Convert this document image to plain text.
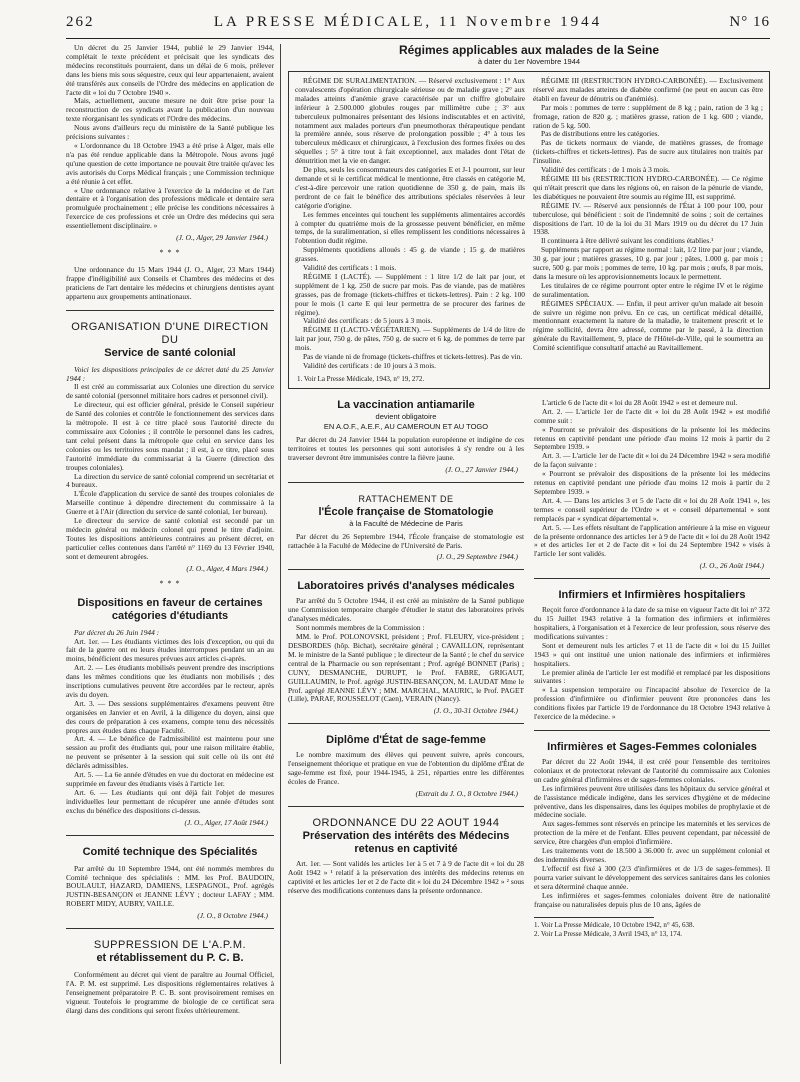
262	LA PRESSE MÉDICALE, 11 Novembre 1944	N° 16

Un décret du 25 Janvier 1944, publié le 29 Janvier 1944, complétait le texte précédent et précisait que les syndicats des médecins reconstitués pourraient, dans un délai de 6 mois, prélever dans les biens mis sous séquestre, ceux qui leur appartenaient, avaient été transférés aux conseils de l'Ordre des médecins en application de l'acte dit « loi du 7 Octobre 1940 ».

Mais, actuellement, aucune mesure ne doit être prise pour la reconstruction de ces syndicats avant la publication d'un nouveau texte réorganisant les syndicats et l'Ordre des médecins.

Nous avons d'ailleurs reçu du ministère de la Santé publique les précisions suivantes :

« L'ordonnance du 18 Octobre 1943 a été prise à Alger, mais elle n'a pas été rendue applicable dans la Métropole. Nous avons jugé qu'une question de cette importance ne pouvait être traitée qu'avec les avis autorisés du Corps Médical français ; une Commission technique a été réunie à cet effet.

« Une ordonnance relative à l'exercice de la médecine et de l'art dentaire et à l'organisation des professions médicale et dentaire sera promulguée prochainement ; elle précise les conditions nécessaires à l'exercice de ces professions et crée un Ordre des médecins qui sera essentiellement disciplinaire. »

(J. O., Alger, 29 Janvier 1944.)
* * *

Une ordonnance du 15 Mars 1944 (J. O., Alger, 23 Mars 1944) frappe d'inéligibilité aux Conseils et Chambres des médecins et des praticiens de l'art dentaire les médecins et chirurgiens dentistes ayant appartenu aux groupements antinationaux.

ORGANISATION D'UNE DIRECTION DU
Service de santé colonial

Voici les dispositions principales de ce décret daté du 25 Janvier 1944 :

Il est créé au commissariat aux Colonies une direction du service de santé colonial (personnel militaire hors cadres et personnel civil).

Le directeur, qui est officier général, préside le Conseil supérieur de Santé des colonies et contrôle le fonctionnement des services dans la métropole. Il est à ce titre placé sous l'autorité directe du commissaire aux Colonies ; il contrôle le personnel dans les cadres, tant celui présent dans la métropole que celui en service dans les colonies ou les territoires sous mandat ; il est, à ce titre, placé sous l'autorité immédiate du commissariat à la Guerre (direction des troupes coloniales).

La direction du service de santé colonial comprend un secrétariat et 4 bureaux.

L'École d'application du service de santé des troupes coloniales de Marseille continue à dépendre directement du commissaire à la Guerre et à l'Air (direction du service de santé colonial, 1er bureau).

Le directeur du service de santé colonial est secondé par un médecin général ou médecin colonel qui prend le titre d'adjoint. Toutes les dispositions antérieures contraires au présent décret, en particulier celles contenues dans l'arrêté n° 1169 du 13 Février 1940, sont et demeurent abrogées.

(J. O., Alger, 4 Mars 1944.)
* * *
Dispositions en faveur de certaines catégories d'étudiants

Par décret du 26 Juin 1944 :

Art. 1er. — Les étudiants victimes des lois d'exception, ou qui du fait de la guerre ont eu leurs études interrompues pendant un an au moins, bénéficient des mesures prévues aux articles ci-après.

Art. 2. — Les étudiants mobilisés peuvent prendre des inscriptions dans les mêmes conditions que les étudiants non mobilisés ; des inscriptions cumulatives peuvent être accordées par le recteur, après avis du doyen.

Art. 3. — Des sessions supplémentaires d'examens peuvent être organisées en Janvier et en Avril, à la diligence du doyen, ainsi que des cours de préparation à ces examens, compte tenu des nécessités propres aux études dans chaque Faculté.

Art. 4. — Le bénéfice de l'admissibilité est maintenu pour une session au profit des étudiants qui, pour une raison militaire établie, ne peuvent se présenter à la session qui suit celle où ils ont été déclarés admissibles.

Art. 5. — La 6e année d'études en vue du doctorat en médecine est supprimée en faveur des étudiants visés à l'article 1er.

Art. 6. — Les étudiants qui ont déjà fait l'objet de mesures individuelles leur permettant de récupérer une année d'études sont exclus du bénéfice des dispositions ci-dessus.

(J. O., Alger, 17 Août 1944.)
Comité technique des Spécialités

Par arrêté du 10 Septembre 1944, ont été nommés membres du Comité technique des spécialités : MM. les Prof. BAUDOIN, BOULAULT, HAZARD, DAMIENS, LESPAGNOL, Prof. agrégés JUSTIN-BESANÇON et JEANNE LÉVY ; docteur LAFAY ; MM. ROBERT MIDY, AUBRY, VAILLE.

(J. O., 8 Octobre 1944.)
SUPPRESSION DE L'A.P.M.
et rétablissement du P. C. B.

Conformément au décret qui vient de paraître au Journal Officiel, l'A. P. M. est supprimé. Les dispositions réglementaires relatives à l'enseignement préparatoire P. C. B. sont provisoirement remises en vigueur. Toutefois le programme de biologie de ce certificat sera élargi dans des conditions qui seront fixées ultérieurement.

Régimes applicables aux malades de la Seine
à dater du 1er Novembre 1944

RÉGIME DE SURALIMENTATION. — Réservé exclusivement : 1° Aux convalescents d'opération chirurgicale sérieuse ou de maladie grave ; 2° aux malades atteints d'anémie grave caractérisée par un chiffre globulaire inférieur à 2.500.000 globules rouges par millimètre cube ; 3° aux tuberculeux pulmonaires présentant des lésions indiscutables et en activité, notamment aux malades porteurs d'un pneumothorax thérapeutique pendant la première année, sous réserve de prolongation possible ; 4° à tous les tuberculeux médicaux et chirurgicaux, à l'exclusion des formes fixées ou des séquelles ; 5° à titre tout à fait exceptionnel, aux malades dont l'état de dénutrition met la vie en danger.

De plus, seuls les consommateurs des catégories E et J-1 pourront, sur leur demande et si le certificat médical le mentionne, être classés en catégorie M, c'est-à-dire percevoir une ration quotidienne de 350 g. de pain, mais ils perdront de ce fait le bénéfice des attributions spéciales réservées à leur catégorie d'origine.

Les femmes enceintes qui touchent les suppléments alimentaires accordés à compter du quatrième mois de la grossesse peuvent bénéficier, en même temps, de la suralimentation, si elles remplissent les conditions nécessaires à l'obtention dudit régime.

Suppléments quotidiens alloués : 45 g. de viande ; 15 g. de matières grasses.

Validité des certificats : 1 mois.

RÉGIME I (LACTÉ). — Supplément : 1 litre 1/2 de lait par jour, et supplément de 1 kg. 250 de sucre par mois. Pas de viande, pas de matières grasses, pas de fromage (tickets-chiffres et tickets-lettres). Pain : 2 kg. 100 pour le mois (1 carte E qui leur permettra de se procurer des farines de régime).

Validité des certificats : de 5 jours à 3 mois.

RÉGIME II (LACTO-VÉGÉTARIEN). — Suppléments de 1/4 de litre de lait par jour, 750 g. de pâtes, 750 g. de sucre et 6 kg. de pommes de terre par mois.

Pas de viande ni de fromage (tickets-chiffres et tickets-lettres). Pas de vin.

Validité des certificats : de 10 jours à 3 mois.

1. Voir La Presse Médicale, 1943, n° 19, 272.

RÉGIME III (RESTRICTION HYDRO-CARBONÉE). — Exclusivement réservé aux malades atteints de diabète confirmé (ne peut en aucun cas être établi en faveur de dénutris ou d'anémiés).

Par mois : pommes de terre : supplément de 8 kg ; pain, ration de 3 kg ; fromage, ration de 820 g. ; matières grasse, ration de 1 kg. 600 ; viande, ration de 5 kg. 500.

Pas de distributions entre les catégories.

Pas de tickets normaux de viande, de matières grasses, de fromage (tickets-chiffres et tickets-lettres). Pas de sucre aux titulaires non traités par l'insuline.

Validité des certificats : de 1 mois à 3 mois.

RÉGIME III bis (RESTRICTION HYDRO-CARBONÉE). — Ce régime qui n'était prescrit que dans les régions où, en raison de la pénurie de viande, les diabétiques ne pouvaient être soumis au régime III, est supprimé.

RÉGIME IV. — Réservé aux pensionnés de l'État à 100 pour 100, pour tuberculose, qui bénéficient : soit de l'indemnité de soins ; soit de certaines dispositions de l'art. 10 de la loi du 31 Mars 1919 ou du décret du 17 Juin 1938.

Il continuera à être délivré suivant les conditions établies.¹

Suppléments par rapport au régime normal : lait, 1/2 litre par jour ; viande, 30 g. par jour ; matières grasses, 10 g. par jour ; pâtes, 1.000 g. par mois ; sucre, 500 g. par mois ; pommes de terre, 10 kg. par mois ; œufs, 8 par mois, dans la mesure où les approvisionnements locaux le permettent.

Les titulaires de ce régime pourront opter entre le régime IV et le régime de suralimentation.

RÉGIMES SPÉCIAUX. — Enfin, il peut arriver qu'un malade ait besoin de suivre un régime non prévu. En ce cas, un certificat médical détaillé, mentionnant exactement la nature de la maladie, le traitement prescrit et le régime sollicité, devra être adressé, comme par le passé, à la direction générale du Ravitaillement, 9, place de l'Hôtel-de-Ville, qui le soumettra au Comité scientifique consultatif attaché au Ravitaillement.

La vaccination antiamarile
devient obligatoire
EN A.O.F., A.E.F., AU CAMEROUN ET AU TOGO

Par décret du 24 Janvier 1944 la population européenne et indigène de ces territoires et toutes les personnes qui sont autorisées à s'y rendre ou à les traverser devront être immunisées contre la fièvre jaune.

(J. O., 27 Janvier 1944.)
RATTACHEMENT DE
l'École française de Stomatologie
à la Faculté de Médecine de Paris

Par décret du 26 Septembre 1944, l'École française de stomatologie est rattachée à la Faculté de Médecine de l'Université de Paris.

(J. O., 29 Septembre 1944.)
Laboratoires privés d'analyses médicales

Par arrêté du 5 Octobre 1944, il est créé au ministère de la Santé publique une Commission temporaire chargée d'étudier le statut des laboratoires privés d'analyses médicales.

Sont nommés membres de la Commission :

MM. le Prof. POLONOVSKI, président ; Prof. FLEURY, vice-président ; DESBORDES (hôp. Bichat), secrétaire général ; CAVAILLON, représentant M. le ministre de la Santé publique ; le directeur de la Santé ; le chef du service central de la Pharmacie ou son représentant ; Prof. agrégé BONNET (Paris) ; CUNY, DESMANCHE, DURUPT, le Prof. FABRE, GRIGAUT, GUILLAUMIN, le Prof. agrégé JUSTIN-BESANÇON, M. LAUDAT Mme le Prof. agrégé JEANNE LÉVY ; MM. MARCHAL, MAURIC, le Prof. PAGET (Lille), PARAF, ROUSSELOT (Caen), VERAIN (Nancy).

(J. O., 30-31 Octobre 1944.)
Diplôme d'État de sage-femme

Le nombre maximum des élèves qui peuvent suivre, après concours, l'enseignement théorique et pratique en vue de l'obtention du diplôme d'État de sage-femme est fixé, pour 1944-1945, à 251, réparties entre les différentes écoles de France.

(Extrait du J. O., 8 Octobre 1944.)
ORDONNANCE DU 22 AOUT 1944
Préservation des intérêts des Médecins retenus en captivité

Art. 1er. — Sont validés les articles 1er à 5 et 7 à 9 de l'acte dit « loi du 28 Août 1942 » ¹ relatif à la préservation des intérêts des médecins retenus en captivité et les articles 1er et 2 de l'acte dit « loi du 24 Décembre 1942 » ² sous réserve des modifications contenues dans la présente ordonnance.

L'article 6 de l'acte dit « loi du 28 Août 1942 » est et demeure nul.

Art. 2. — L'article 1er de l'acte dit « loi du 28 Août 1942 » est modifié comme suit :

« Pourront se prévaloir des dispositions de la présente loi les médecins retenus en captivité pendant une période d'au moins 12 mois à partir du 2 Septembre 1939. »

Art. 3. — L'article 1er de l'acte dit « loi du 24 Décembre 1942 » sera modifié de la façon suivante :

« Pourront se prévaloir des dispositions de la présente loi les médecins retenus en captivité pendant une période d'au moins 12 mois à partir du 2 Septembre 1939. »

Art. 4. — Dans les articles 3 et 5 de l'acte dit « loi du 28 Août 1941 », les termes « conseil supérieur de l'Ordre » et « conseil départemental » sont remplacés par « syndicat départemental ».

Art. 5. — Les effets résultant de l'application antérieure à la mise en vigueur de la présente ordonnance des articles 1er à 9 de l'acte dit « loi du 28 Août 1942 » et des articles 1er et 2 de l'acte dit « loi du 24 Septembre 1942 » visés à l'article 1er sont validés.

(J. O., 26 Août 1944.)
Infirmiers et Infirmières hospitaliers

Reçoit force d'ordonnance à la date de sa mise en vigueur l'acte dit loi n° 372 du 15 Juillet 1943 relative à la formation des infirmiers et infirmières hospitaliers, à l'organisation et à l'exercice de leur profession, sous réserve des modifications suivantes :

Sont et demeurent nuls les articles 7 et 11 de l'acte dit « loi du 15 Juillet 1943 » qui ont institué une union nationale des infirmiers et infirmières hospitaliers.

Le premier alinéa de l'article 1er est modifié et remplacé par les dispositions suivantes :

« La suspension temporaire ou l'incapacité absolue de l'exercice de la profession d'infirmière ou d'infirmier peuvent être prononcées dans les conditions fixées par l'article 19 de l'ordonnance du 18 Octobre 1943 relative à l'exercice de la médecine. »

Infirmières et Sages-Femmes coloniales

Par décret du 22 Août 1944, il est créé pour l'ensemble des territoires coloniaux et de protectorat relevant de l'autorité du commissaire aux Colonies un cadre général d'infirmières et de sages-femmes coloniales.

Les infirmières peuvent être utilisées dans les hôpitaux du service général et de l'assistance médicale indigène, dans les services d'hygiène et de médecine préventive, dans les dispensaires, dans les équipes mobiles de prophylaxie et de médecine sociale.

Aux sages-femmes sont réservés en principe les maternités et les services de protection de la mère et de l'enfant. Elles peuvent cependant, par nécessité de service, être chargées d'un emploi d'infirmière.

Les traitements vont de 18.500 à 36.000 fr. avec un supplément colonial et des indemnités diverses.

L'effectif est fixé à 300 (2/3 d'infirmières et de 1/3 de sages-femmes). Il pourra varier suivant le développement des services sanitaires dans les colonies et sera déterminé chaque année.

Les infirmières et sages-femmes coloniales doivent être de nationalité française ou naturalisées depuis plus de 10 ans, âgées de

1. Voir La Presse Médicale, 10 Octobre 1942, n° 45, 638.
2. Voir La Presse Médicale, 3 Avril 1943, n° 13, 174.
